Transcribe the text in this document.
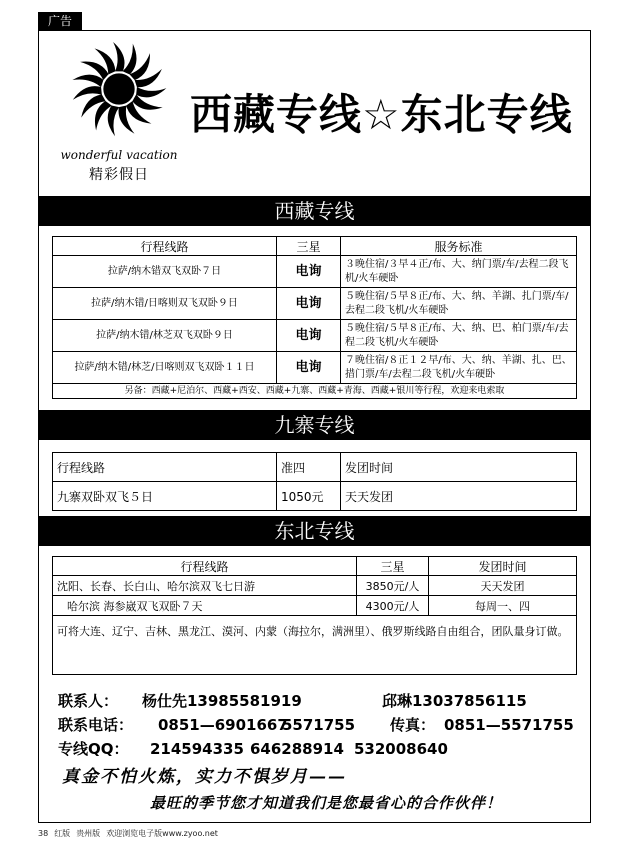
广告
wonderful vacation
精彩假日
西藏专线☆东北专线
西藏专线
行程线路	三星	服务标准
拉萨/纳木错双飞双卧７日	电询	３晚住宿/３早４正/布、大、纳门票/车/去程二段飞机/火车硬卧
拉萨/纳木错/日喀则双飞双卧９日	电询	５晚住宿/５早８正/布、大、纳、羊湖、扎门票/车/去程二段飞机/火车硬卧
拉萨/纳木错/林芝双飞双卧９日	电询	５晚住宿/５早８正/布、大、纳、巴、柏门票/车/去程二段飞机/火车硬卧
拉萨/纳木错/林芝/日喀则双飞双卧１１日	电询	７晚住宿/８正１２早/布、大、纳、羊湖、扎、巴、措门票/车/去程二段飞机/火车硬卧
另备：西藏+尼泊尔、西藏+西安、西藏+九寨、西藏+青海、西藏+银川等行程，欢迎来电索取		
九寨专线
行程线路	准四	发团时间
九寨双卧双飞５日	1050元	天天发团
东北专线
行程线路	三星	发团时间
沈阳、长春、长白山、哈尔滨双飞七日游	3850元/人	天天发团
哈尔滨 海参崴双飞双卧７天	4300元/人	每周一、四
可将大连、辽宁、吉林、黑龙江、漠河、内蒙（海拉尔，满洲里）、俄罗斯线路自由组合，团队量身订做。		
联系人： 杨仕先13985581919	邱琳13037856115
联系电话： 0851—69016675571755 传真： 0851—5571755
专线QQ： 214594335 646288914 532008640
真金不怕火炼，实力不惧岁月——
最旺的季节您才知道我们是您最省心的合作伙伴！
38 红版 贵州版 欢迎浏览电子版www.zyoo.net
